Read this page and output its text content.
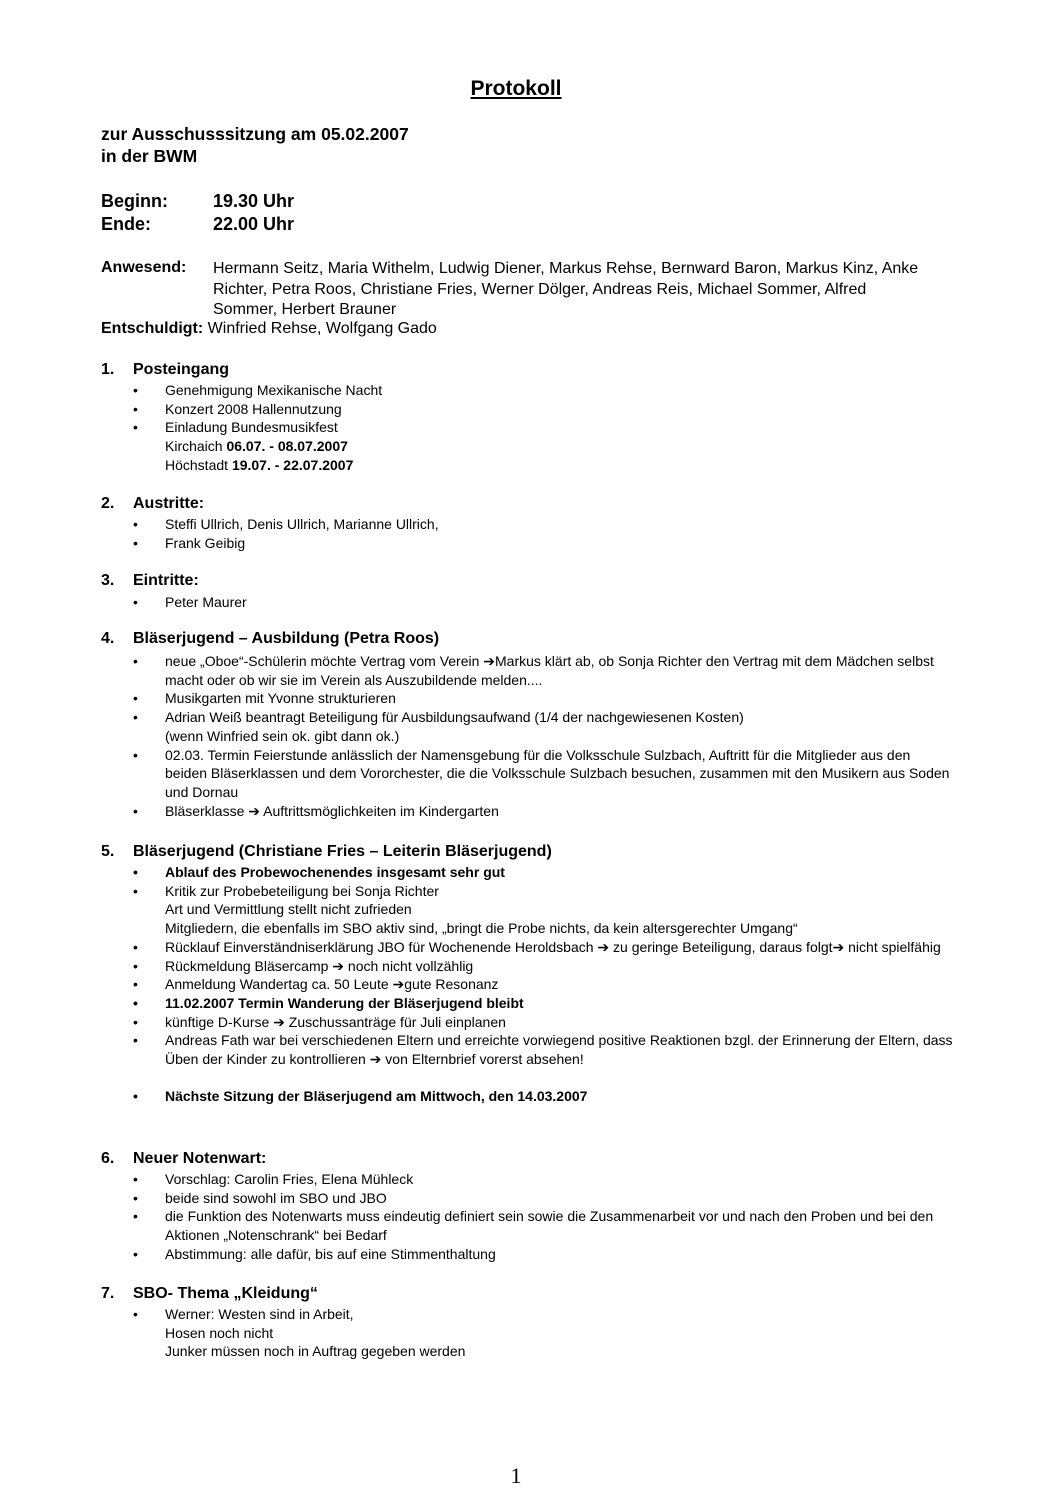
Protokoll
zur Ausschusssitzung am 05.02.2007
in der BWM
Beginn:	19.30 Uhr
Ende:	22.00 Uhr
Anwesend: Hermann Seitz, Maria Withelm, Ludwig Diener, Markus Rehse, Bernward Baron, Markus Kinz, Anke Richter, Petra Roos, Christiane Fries, Werner Dölger, Andreas Reis, Michael Sommer, Alfred Sommer, Herbert Brauner
Entschuldigt: Winfried Rehse, Wolfgang Gado
1. Posteingang
• Genehmigung Mexikanische Nacht
• Konzert 2008 Hallennutzung
• Einladung Bundesmusikfest
Kirchaich 06.07. - 08.07.2007
Höchstadt 19.07. - 22.07.2007
2. Austritte:
• Steffi Ullrich, Denis Ullrich, Marianne Ullrich,
• Frank Geibig
3. Eintritte:
• Peter Maurer
4. Bläserjugend – Ausbildung (Petra Roos)
• neue „Oboe“-Schülerin möchte Vertrag vom Verein ➔Markus klärt ab, ob Sonja Richter den Vertrag mit dem Mädchen selbst macht oder ob wir sie im Verein als Auszubildende melden....
• Musikgarten mit Yvonne strukturieren
• Adrian Weiß beantragt Beteiligung für Ausbildungsaufwand (1/4 der nachgewiesenen Kosten)
(wenn Winfried sein ok. gibt dann ok.)
• 02.03. Termin Feierstunde anlässlich der Namensgebung für die Volksschule Sulzbach, Auftritt für die Mitglieder aus den beiden Bläserklassen und dem Vororchester, die die Volksschule Sulzbach besuchen, zusammen mit den Musikern aus Soden und Dornau
• Bläserklasse ➔ Auftrittsmöglichkeiten im Kindergarten
5. Bläserjugend (Christiane Fries – Leiterin Bläserjugend)
• Ablauf des Probewochenendes insgesamt sehr gut
• Kritik zur Probebeteiligung bei Sonja Richter
Art und Vermittlung stellt nicht zufrieden
Mitgliedern, die ebenfalls im SBO aktiv sind, „bringt die Probe nichts, da kein altersgerechter Umgang“
• Rücklauf Einverständniserklärung JBO für Wochenende Heroldsbach ➔ zu geringe Beteiligung, daraus folgt➔ nicht spielfähig
• Rückmeldung Bläsercamp ➔ noch nicht vollzählig
• Anmeldung Wandertag ca. 50 Leute ➔gute Resonanz
• 11.02.2007 Termin Wanderung der Bläserjugend bleibt
• künftige D-Kurse ➔ Zuschussanträge für Juli einplanen
• Andreas Fath war bei verschiedenen Eltern und erreichte vorwiegend positive Reaktionen bzgl. der Erinnerung der Eltern, dass Üben der Kinder zu kontrollieren ➔ von Elternbrief vorerst absehen!
• Nächste Sitzung der Bläserjugend am Mittwoch, den 14.03.2007
6. Neuer Notenwart:
• Vorschlag: Carolin Fries, Elena Mühleck
• beide sind sowohl im SBO und JBO
• die Funktion des Notenwarts muss eindeutig definiert sein sowie die Zusammenarbeit vor und nach den Proben und bei den Aktionen „Notenschrank“ bei Bedarf
• Abstimmung: alle dafür, bis auf eine Stimmenthaltung
7. SBO- Thema „Kleidung“
• Werner: Westen sind in Arbeit,
Hosen noch nicht
Junker müssen noch in Auftrag gegeben werden
1
